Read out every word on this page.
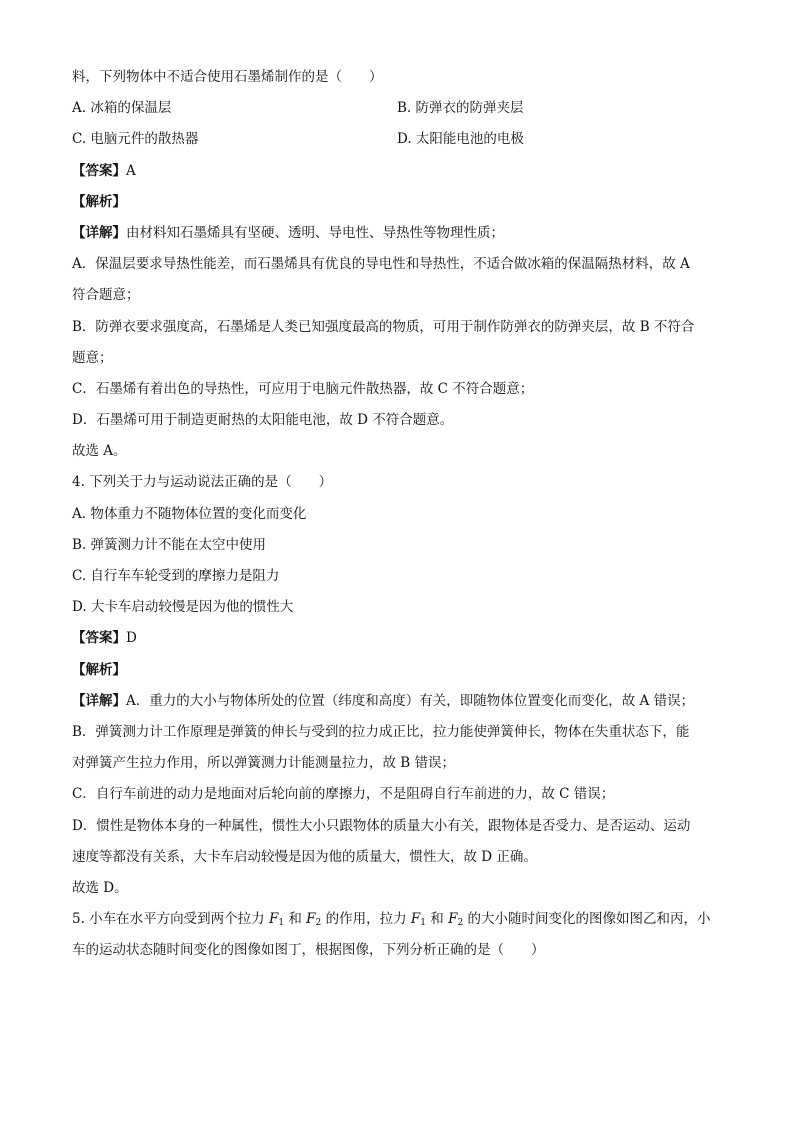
料，下列物体中不适合使用石墨烯制作的是（　　）
A. 冰箱的保温层	B. 防弹衣的防弹夹层
C. 电脑元件的散热器	D. 太阳能电池的电极
【答案】A
【解析】
【详解】由材料知石墨烯具有坚硬、透明、导电性、导热性等物理性质；
A．保温层要求导热性能差，而石墨烯具有优良的导电性和导热性，不适合做冰箱的保温隔热材料，故 A
符合题意；
B．防弹衣要求强度高，石墨烯是人类已知强度最高的物质，可用于制作防弹衣的防弹夹层，故 B 不符合
题意；
C．石墨烯有着出色的导热性，可应用于电脑元件散热器，故 C 不符合题意；
D．石墨烯可用于制造更耐热的太阳能电池，故 D 不符合题意。
故选 A。
4. 下列关于力与运动说法正确的是（　　）
A. 物体重力不随物体位置的变化而变化
B. 弹簧测力计不能在太空中使用
C. 自行车车轮受到的摩擦力是阻力
D. 大卡车启动较慢是因为他的惯性大
【答案】D
【解析】
【详解】A．重力的大小与物体所处的位置（纬度和高度）有关，即随物体位置变化而变化，故 A 错误；
B．弹簧测力计工作原理是弹簧的伸长与受到的拉力成正比，拉力能使弹簧伸长，物体在失重状态下，能
对弹簧产生拉力作用，所以弹簧测力计能测量拉力，故 B 错误；
C．自行车前进的动力是地面对后轮向前的摩擦力，不是阻碍自行车前进的力，故 C 错误；
D．惯性是物体本身的一种属性，惯性大小只跟物体的质量大小有关，跟物体是否受力、是否运动、运动
速度等都没有关系，大卡车启动较慢是因为他的质量大，惯性大，故 D 正确。
故选 D。
5. 小车在水平方向受到两个拉力 $F_1$ 和 $F_2$ 的作用，拉力 $F_1$ 和 $F_2$ 的大小随时间变化的图像如图乙和丙，小
车的运动状态随时间变化的图像如图丁，根据图像，下列分析正确的是（　　）
